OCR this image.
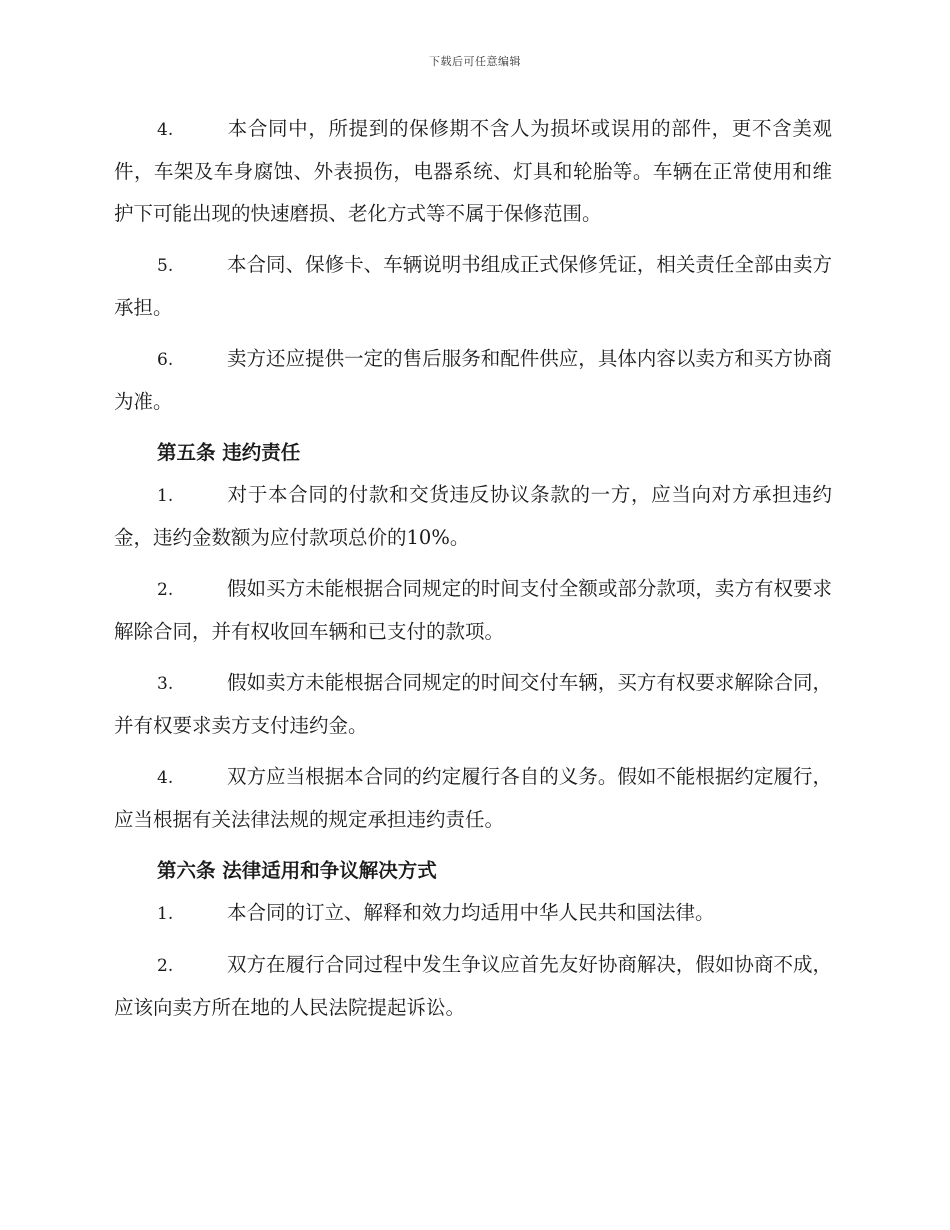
下载后可任意编辑

4.	本合同中，所提到的保修期不含人为损坏或误用的部件，更不含美观件，车架及车身腐蚀、外表损伤，电器系统、灯具和轮胎等。车辆在正常使用和维护下可能出现的快速磨损、老化方式等不属于保修范围。

5.	本合同、保修卡、车辆说明书组成正式保修凭证，相关责任全部由卖方承担。

6.	卖方还应提供一定的售后服务和配件供应，具体内容以卖方和买方协商为准。

第五条 违约责任

1.	对于本合同的付款和交货违反协议条款的一方，应当向对方承担违约金，违约金数额为应付款项总价的10%。

2.	假如买方未能根据合同规定的时间支付全额或部分款项，卖方有权要求解除合同，并有权收回车辆和已支付的款项。

3.	假如卖方未能根据合同规定的时间交付车辆，买方有权要求解除合同，并有权要求卖方支付违约金。

4.	双方应当根据本合同的约定履行各自的义务。假如不能根据约定履行，应当根据有关法律法规的规定承担违约责任。

第六条 法律适用和争议解决方式

1.	本合同的订立、解释和效力均适用中华人民共和国法律。

2.	双方在履行合同过程中发生争议应首先友好协商解决，假如协商不成，应该向卖方所在地的人民法院提起诉讼。
